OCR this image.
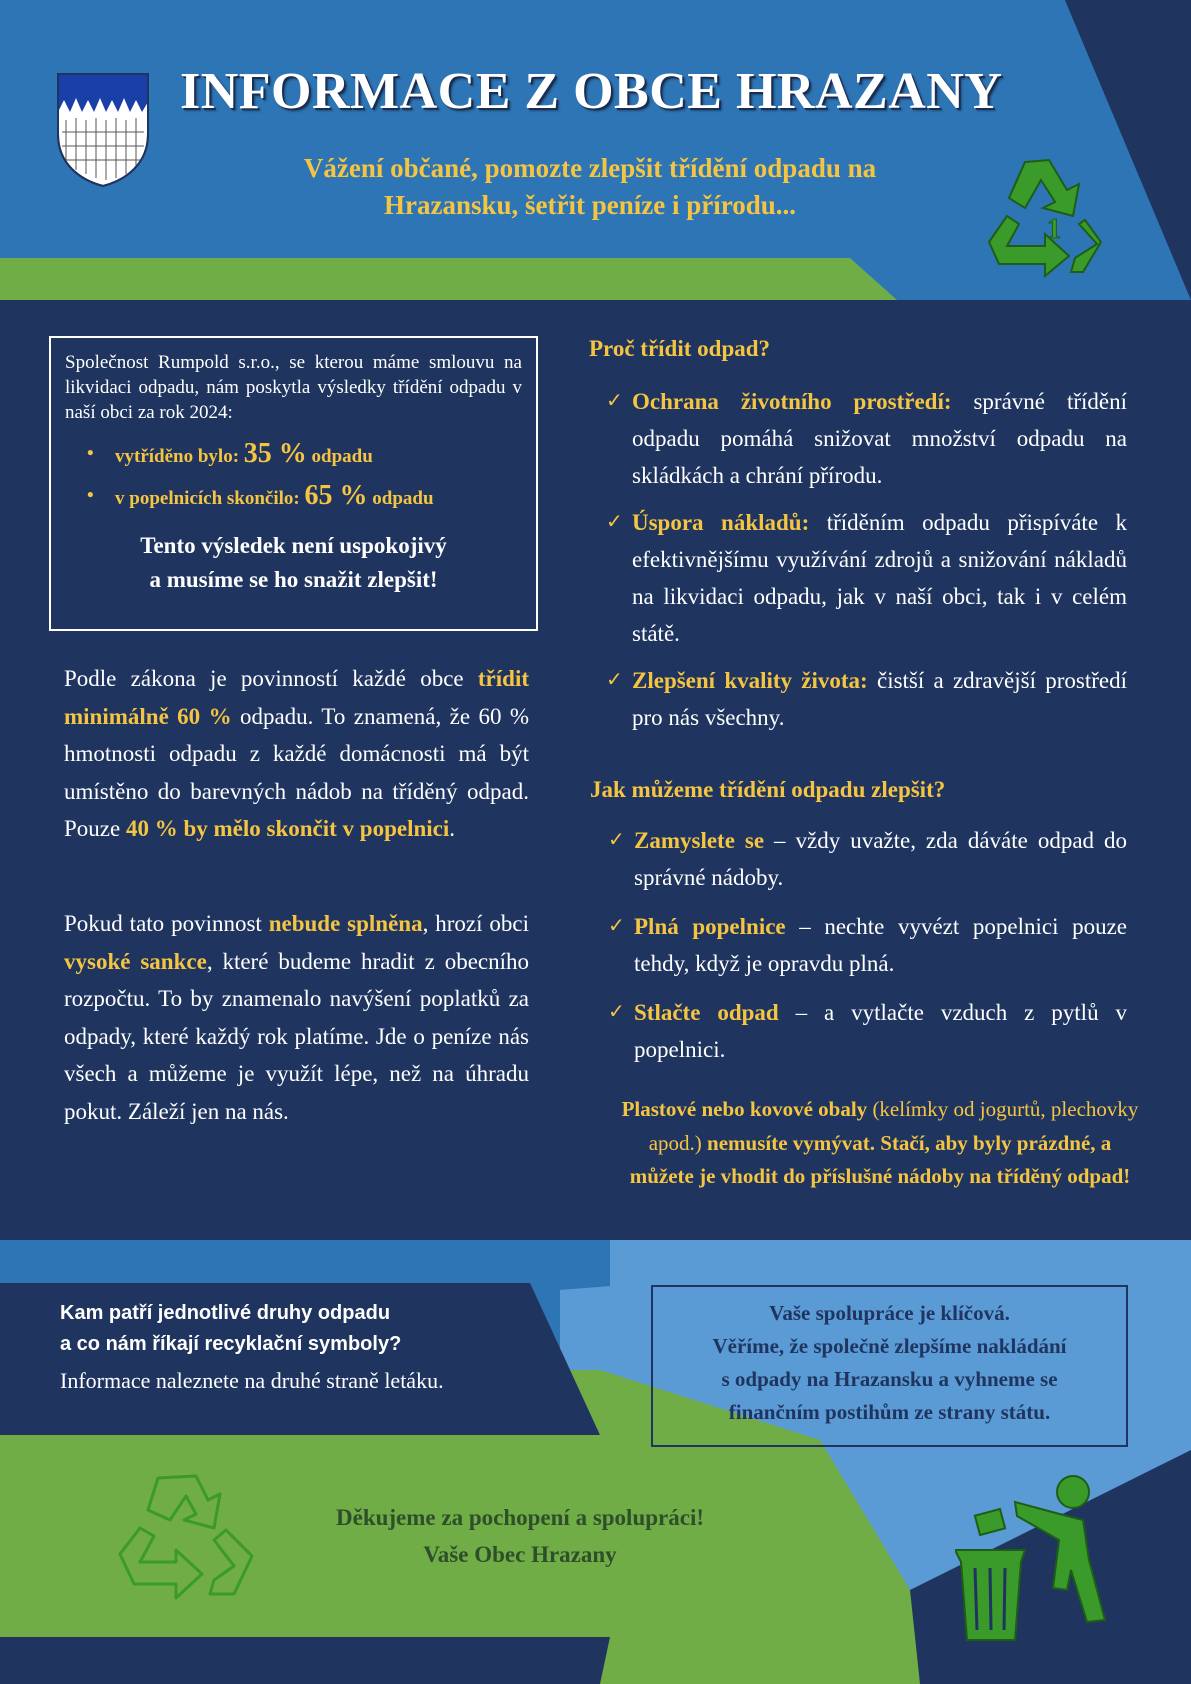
INFORMACE Z OBCE HRAZANY
Vážení občané, pomozte zlepšit třídění odpadu na
Hrazansku, šetřit peníze i přírodu...
1

Společnost Rumpold s.r.o., se kterou máme smlouvu na likvidaci odpadu, nám poskytla výsledky třídění odpadu v naší obci za rok 2024:

• vytříděno bylo: 35 % odpadu
• v popelnicích skončilo: 65 % odpadu
Tento výsledek není uspokojivý
a musíme se ho snažit zlepšit!

Podle zákona je povinností každé obce třídit minimálně 60 % odpadu. To znamená, že 60 % hmotnosti odpadu z každé domácnosti má být umístěno do barevných nádob na tříděný odpad. Pouze 40 % by mělo skončit v popelnici.

Pokud tato povinnost nebude splněna, hrozí obci vysoké sankce, které budeme hradit z obecního rozpočtu. To by znamenalo navýšení poplatků za odpady, které každý rok platíme. Jde o peníze nás všech a můžeme je využít lépe, než na úhradu pokut. Záleží jen na nás.

Proč třídit odpad?
✓ Ochrana životního prostředí: správné třídění odpadu pomáhá snižovat množství odpadu na skládkách a chrání přírodu.
✓ Úspora nákladů: tříděním odpadu přispíváte k efektivnějšímu využívání zdrojů a snižování nákladů na likvidaci odpadu, jak v naší obci, tak i v celém státě.
✓ Zlepšení kvality života: čistší a zdravější prostředí pro nás všechny.
Jak můžeme třídění odpadu zlepšit?
✓ Zamyslete se – vždy uvažte, zda dáváte odpad do správné nádoby.
✓ Plná popelnice – nechte vyvézt popelnici pouze tehdy, když je opravdu plná.
✓ Stlačte odpad – a vytlačte vzduch z pytlů v popelnici.
Plastové nebo kovové obaly (kelímky od jogurtů, plechovky apod.) nemusíte vymývat. Stačí, aby byly prázdné, a můžete je vhodit do příslušné nádoby na tříděný odpad!
Kam patří jednotlivé druhy odpadu
a co nám říkají recyklační symboly?
Informace naleznete na druhé straně letáku.
Vaše spolupráce je klíčová.
Věříme, že společně zlepšíme nakládání
s odpady na Hrazansku a vyhneme se
finančním postihům ze strany státu.
Děkujeme za pochopení a spolupráci!
Vaše Obec Hrazany
